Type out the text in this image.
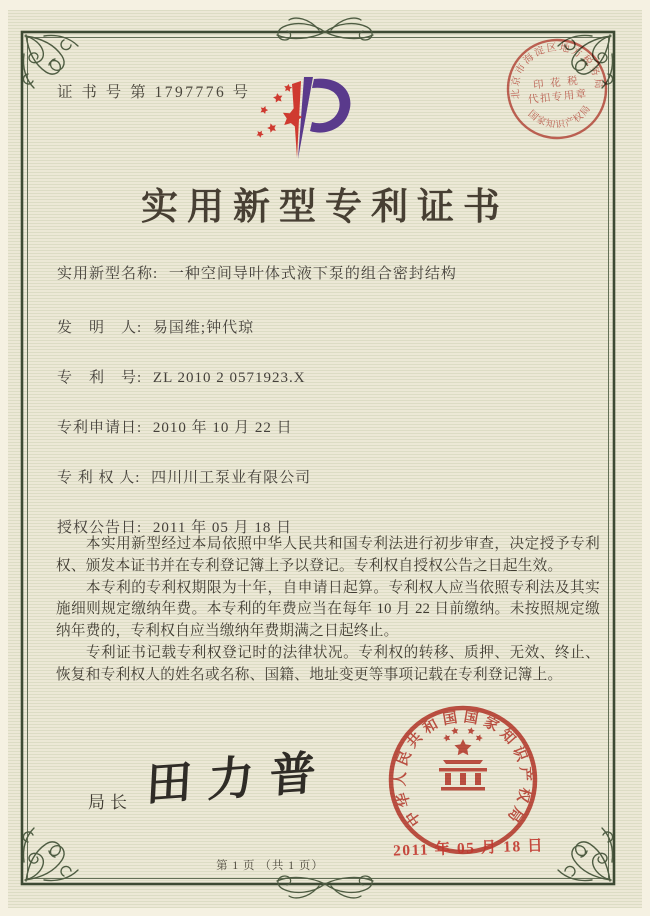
证 书 号 第 1797776 号	北京市海淀区地方税务局
国家知识产权局
印 花 税
代扣专用章
实用新型专利证书
实用新型名称: 一种空间导叶体式液下泵的组合密封结构
发　明　人: 易国维;钟代琼
专　利　号: ZL 2010 2 0571923.X
专利申请日: 2010 年 10 月 22 日
专 利 权 人: 四川川工泵业有限公司
授权公告日: 2011 年 05 月 18 日

本实用新型经过本局依照中华人民共和国专利法进行初步审查，决定授予专利权、颁发本证书并在专利登记簿上予以登记。专利权自授权公告之日起生效。

本专利的专利权期限为十年，自申请日起算。专利权人应当依照专利法及其实施细则规定缴纳年费。本专利的年费应当在每年 10 月 22 日前缴纳。未按照规定缴纳年费的，专利权自应当缴纳年费期满之日起终止。

专利证书记载专利权登记时的法律状况。专利权的转移、质押、无效、终止、恢复和专利权人的姓名或名称、国籍、地址变更等事项记载在专利登记簿上。

局长 田力普
中华人民共和国国家知识产权局
2011 年 05 月 18 日
第 1 页 （共 1 页）
